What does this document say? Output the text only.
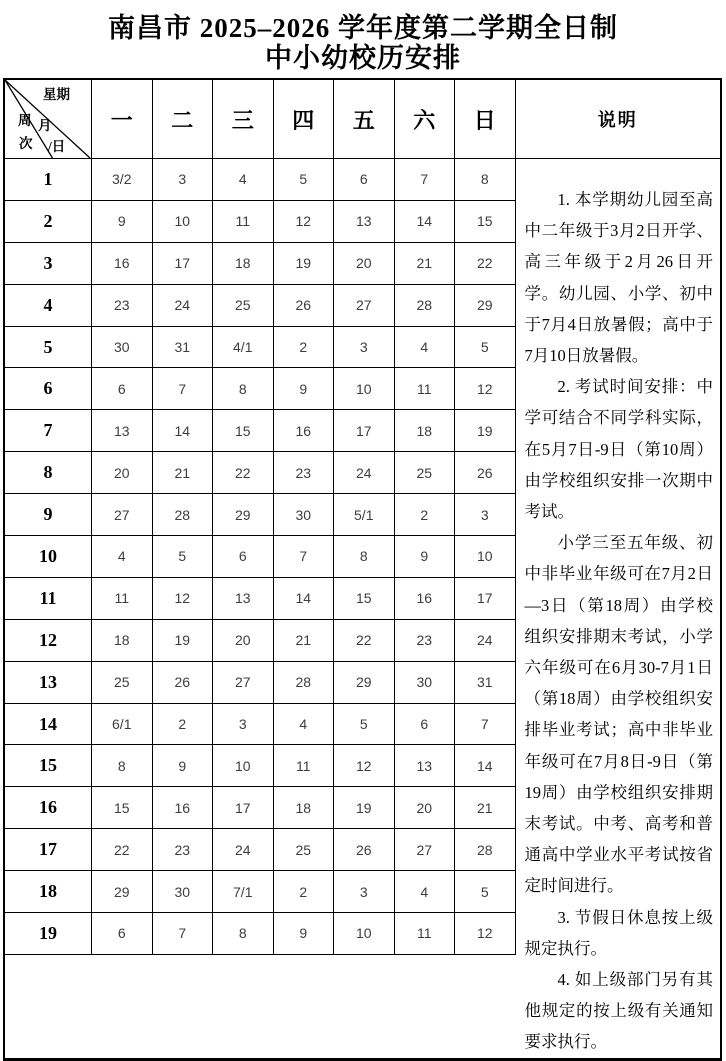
南昌市 2025–2026 学年度第二学期全日制
中小幼校历安排
星期
周 月
次 /日
一	二	三	四	五	六	日	说明
1	3/2	3	4	5	6	7	8
2	9	10	11	12	13	14	15
3	16	17	18	19	20	21	22
4	23	24	25	26	27	28	29
5	30	31	4/1	2	3	4	5
6	6	7	8	9	10	11	12
7	13	14	15	16	17	18	19
8	20	21	22	23	24	25	26
9	27	28	29	30	5/1	2	3
10	4	5	6	7	8	9	10
11	11	12	13	14	15	16	17
12	18	19	20	21	22	23	24
13	25	26	27	28	29	30	31
14	6/1	2	3	4	5	6	7
15	8	9	10	11	12	13	14
16	15	16	17	18	19	20	21
17	22	23	24	25	26	27	28
18	29	30	7/1	2	3	4	5
19	6	7	8	9	10	11	12

1. 本学期幼儿园至高中二年级于3月2日开学、高三年级于2月26日开学。幼儿园、小学、初中于7月4日放暑假；高中于7月10日放暑假。

2. 考试时间安排：中学可结合不同学科实际，在5月7日-9日（第10周）由学校组织安排一次期中考试。

小学三至五年级、初中非毕业年级可在7月2日—3日（第18周）由学校组织安排期末考试，小学六年级可在6月30-7月1日（第18周）由学校组织安排毕业考试；高中非毕业年级可在7月8日-9日（第19周）由学校组织安排期末考试。中考、高考和普通高中学业水平考试按省定时间进行。

3. 节假日休息按上级规定执行。

4. 如上级部门另有其他规定的按上级有关通知要求执行。
